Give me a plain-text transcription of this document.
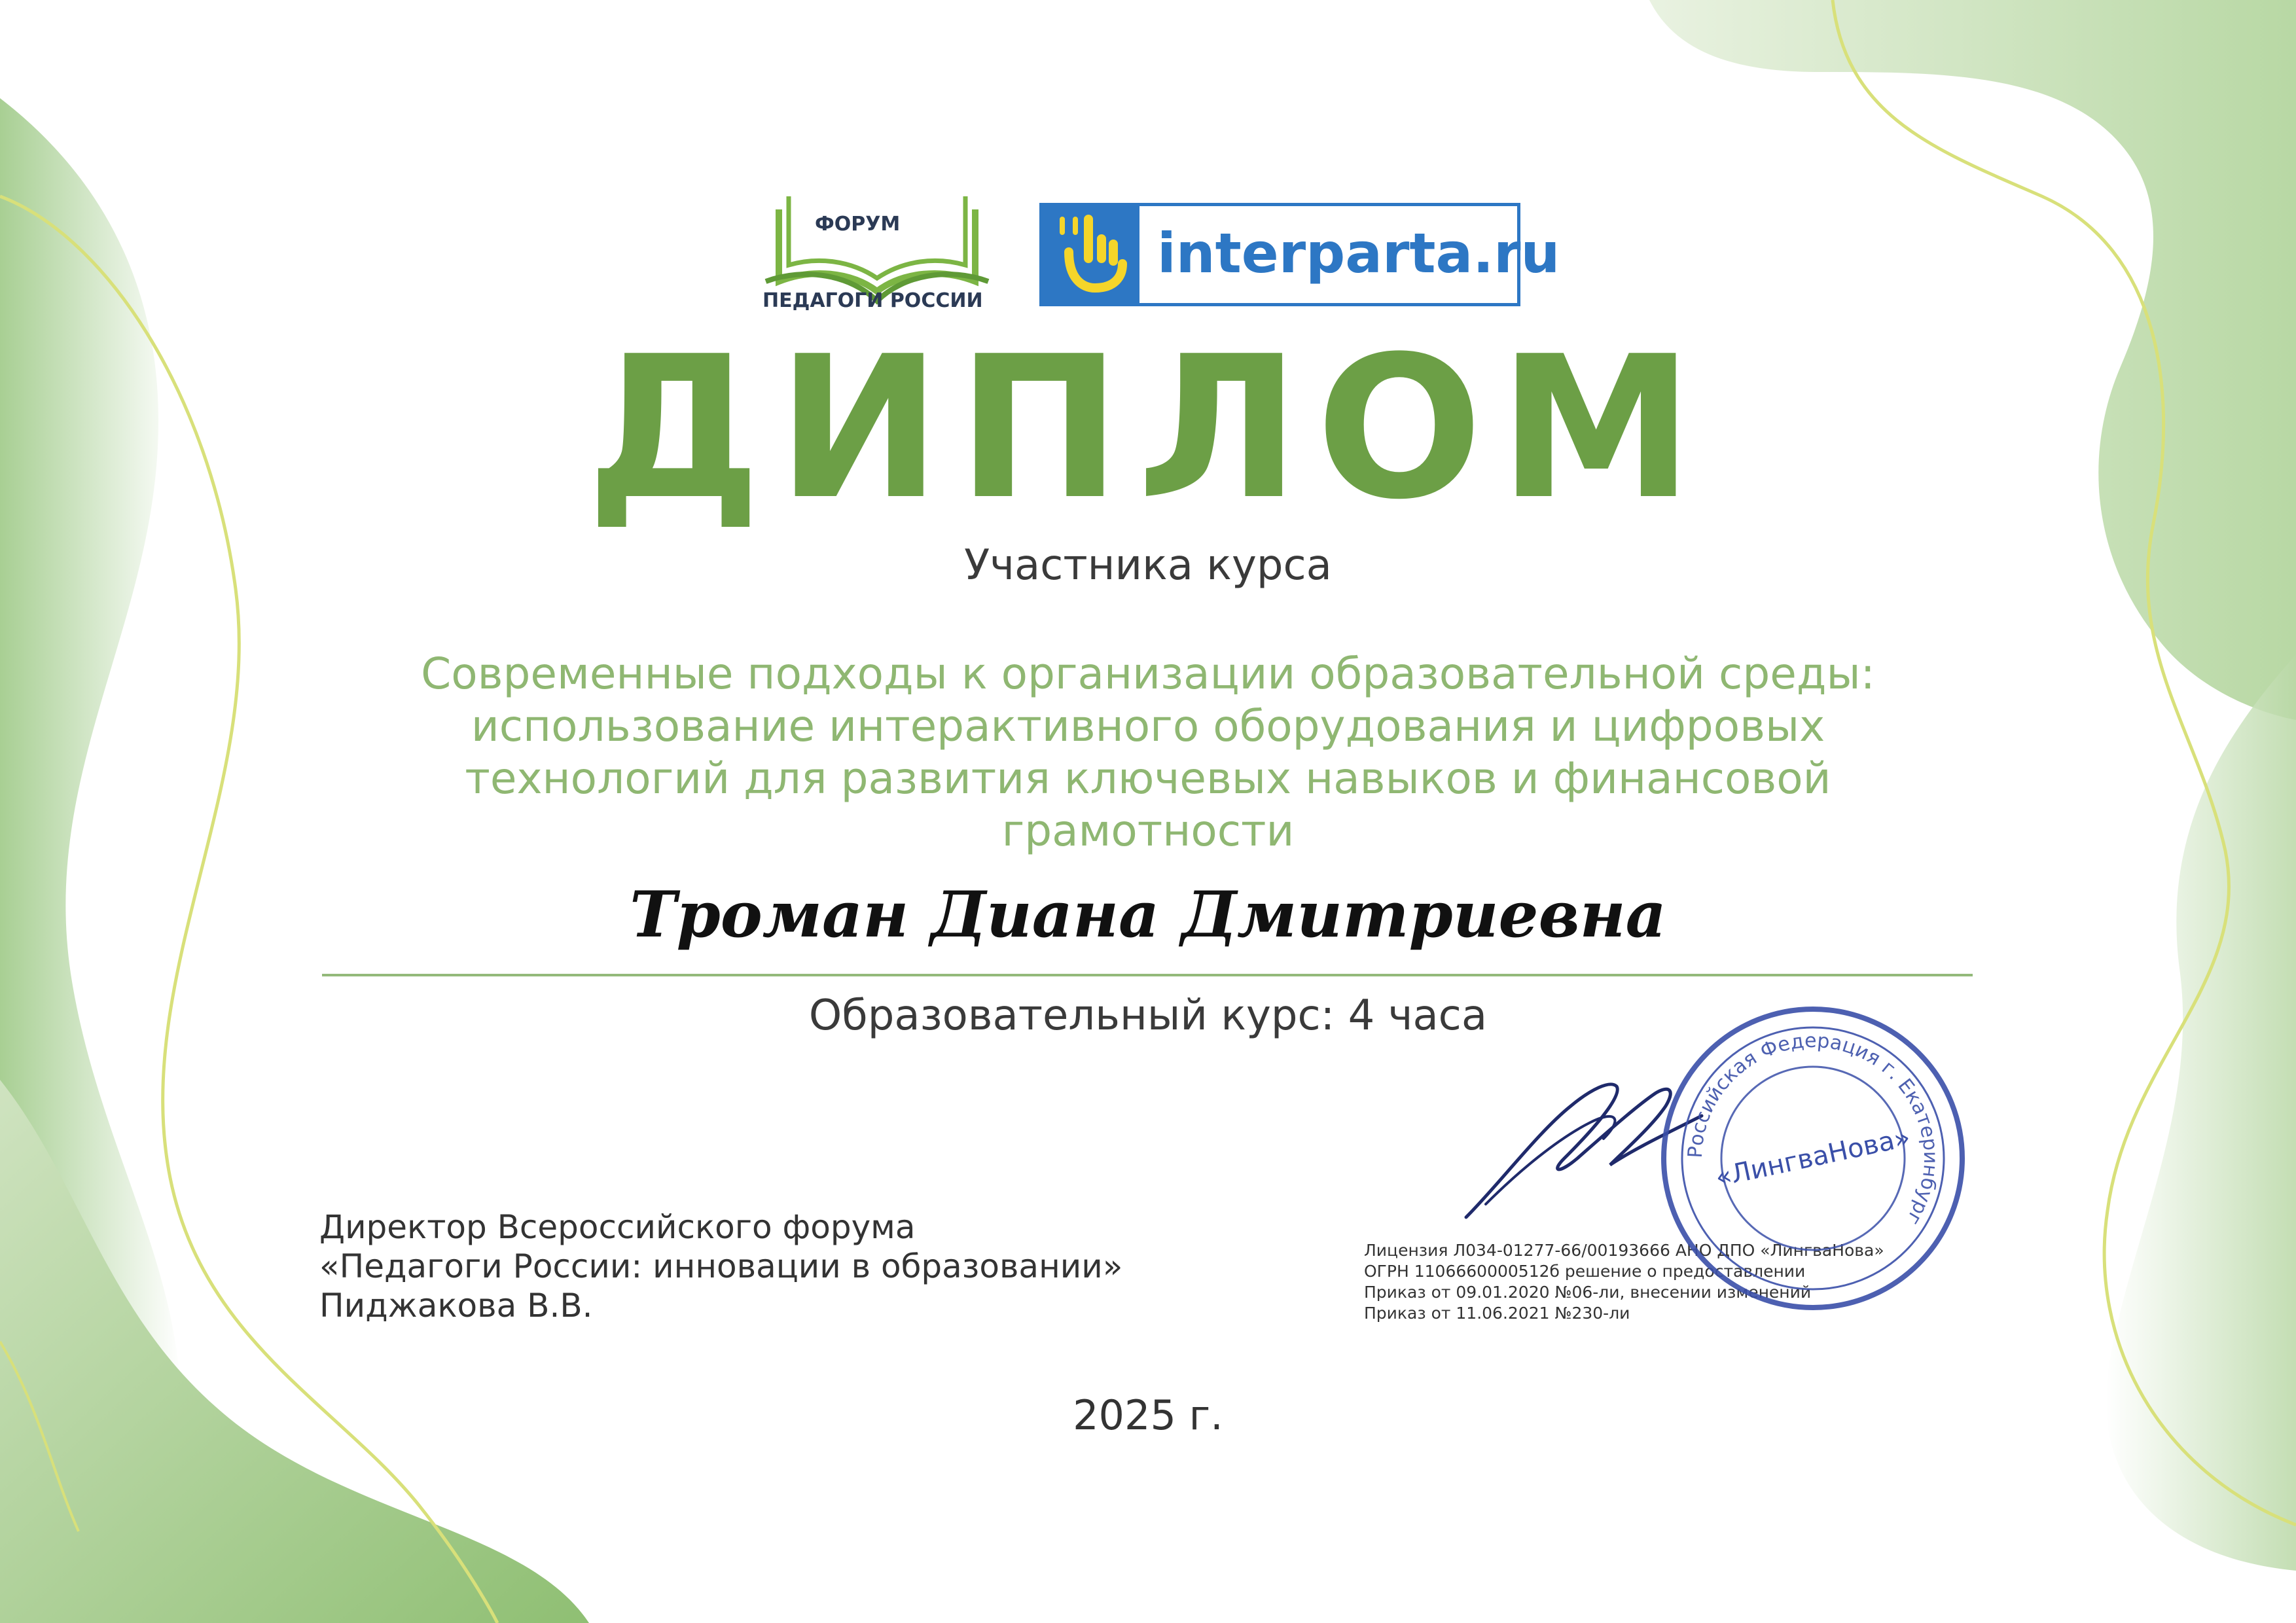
ФОРУМ
ПЕДАГОГИ РОССИИ
interparta.ru
ДИПЛОМ
Участника курса
Современные подходы к организации образовательной среды: использование интерактивного оборудования и цифровых технологий для развития ключевых навыков и финансовой грамотности
Троман Диана Дмитриевна
Образовательный курс: 4 часа
Директор Всероссийского форума
«Педагоги России: инновации в образовании»
Пиджакова В.В.
Лицензия Л034-01277-66/00193666 АНО ДПО «ЛингваНова»
ОГРН 1106660000512б решение о предоставлении
Приказ от 09.01.2020 №06-ли, внесении изменений
Приказ от 11.06.2021 №230-ли
Российская Федерация г. Екатеринбург
«ЛингваНова»
2025 г.
